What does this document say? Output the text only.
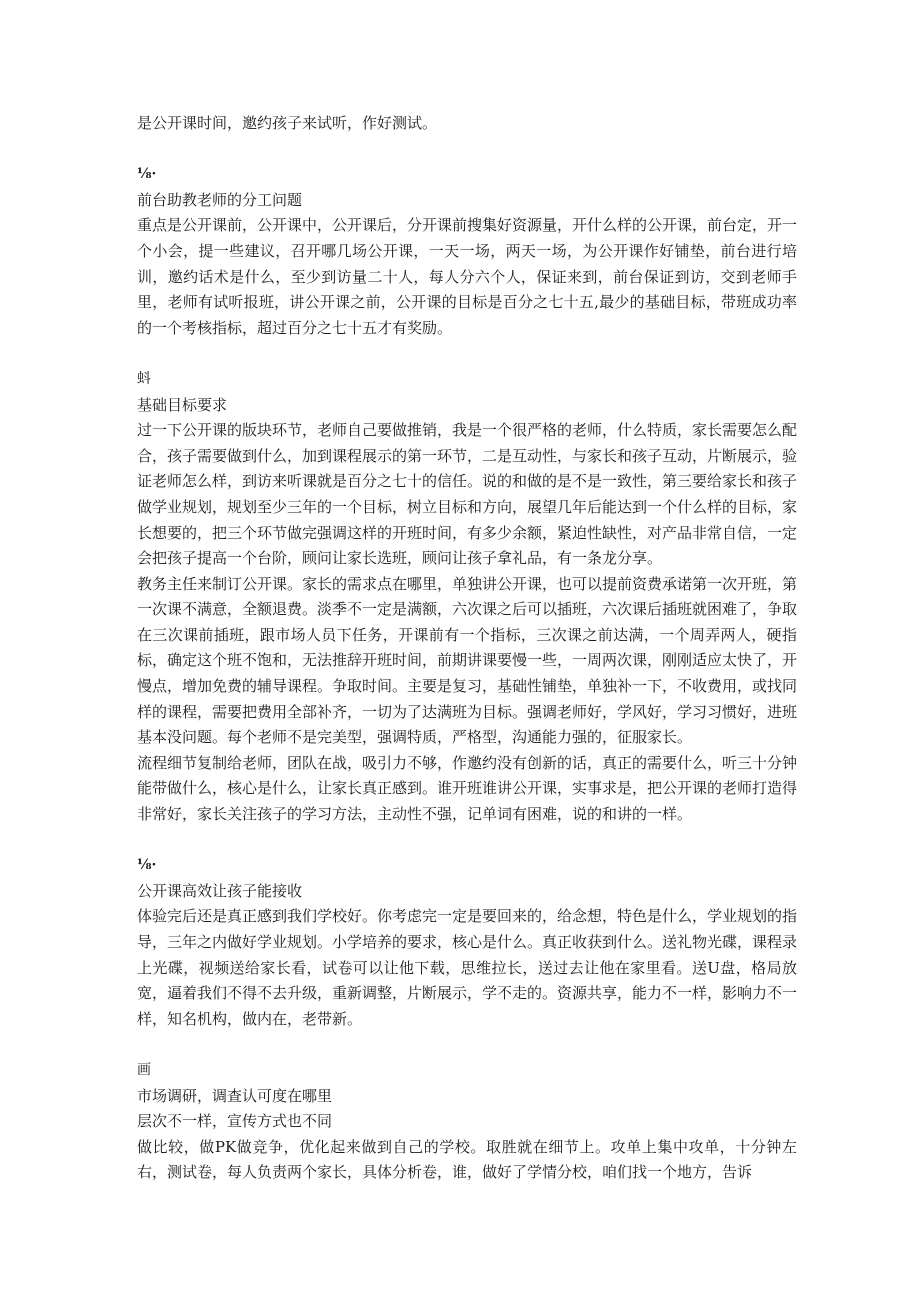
是公开课时间，邀约孩子来试听，作好测试。

⅛·

前台助教老师的分工问题

重点是公开课前，公开课中，公开课后，分开课前搜集好资源量，开什么样的公开课，前台定，开一个小会，提一些建议，召开哪几场公开课，一天一场，两天一场，为公开课作好铺垫，前台进行培训，邀约话术是什么，至少到访量二十人，每人分六个人，保证来到，前台保证到访，交到老师手里，老师有试听报班，讲公开课之前，公开课的目标是百分之七十五,最少的基础目标，带班成功率的一个考核指标，超过百分之七十五才有奖励。

蚪

基础目标要求

过一下公开课的版块环节，老师自己要做推销，我是一个很严格的老师，什么特质，家长需要怎么配合，孩子需要做到什么，加到课程展示的第一环节，二是互动性，与家长和孩子互动，片断展示，验证老师怎么样，到访来听课就是百分之七十的信任。说的和做的是不是一致性，第三要给家长和孩子做学业规划，规划至少三年的一个目标，树立目标和方向，展望几年后能达到一个什么样的目标，家长想要的，把三个环节做完强调这样的开班时间，有多少余额，紧迫性缺性，对产品非常自信，一定会把孩子提高一个台阶，顾问让家长选班，顾问让孩子拿礼品，有一条龙分享。

教务主任来制订公开课。家长的需求点在哪里，单独讲公开课，也可以提前资费承诺第一次开班，第一次课不满意，全额退费。淡季不一定是满额，六次课之后可以插班，六次课后插班就困难了，争取在三次课前插班，跟市场人员下任务，开课前有一个指标，三次课之前达满，一个周弄两人，硬指标，确定这个班不饱和，无法推辞开班时间，前期讲课要慢一些，一周两次课，刚刚适应太快了，开慢点，增加免费的辅导课程。争取时间。主要是复习，基础性铺垫，单独补一下，不收费用，或找同样的课程，需要把费用全部补齐，一切为了达满班为目标。强调老师好，学风好，学习习惯好，进班基本没问题。每个老师不是完美型，强调特质，严格型，沟通能力强的，征服家长。

流程细节复制给老师，团队在战，吸引力不够，作邀约没有创新的话，真正的需要什么，听三十分钟能带做什么，核心是什么，让家长真正感到。谁开班谁讲公开课，实事求是，把公开课的老师打造得非常好，家长关注孩子的学习方法，主动性不强，记单词有困难，说的和讲的一样。

⅛·

公开课高效让孩子能接收

体验完后还是真正感到我们学校好。你考虑完一定是要回来的，给念想，特色是什么，学业规划的指导，三年之内做好学业规划。小学培养的要求，核心是什么。真正收获到什么。送礼物光碟，课程录上光碟，视频送给家长看，试卷可以让他下载，思维拉长，送过去让他在家里看。送U盘，格局放宽，逼着我们不得不去升级，重新调整，片断展示，学不走的。资源共享，能力不一样，影响力不一样，知名机构，做内在，老带新。

画

市场调研，调查认可度在哪里

层次不一样，宣传方式也不同

做比较，做PK做竞争，优化起来做到自己的学校。取胜就在细节上。攻单上集中攻单，十分钟左右，测试卷，每人负责两个家长，具体分析卷，谁，做好了学情分校，咱们找一个地方，告诉
